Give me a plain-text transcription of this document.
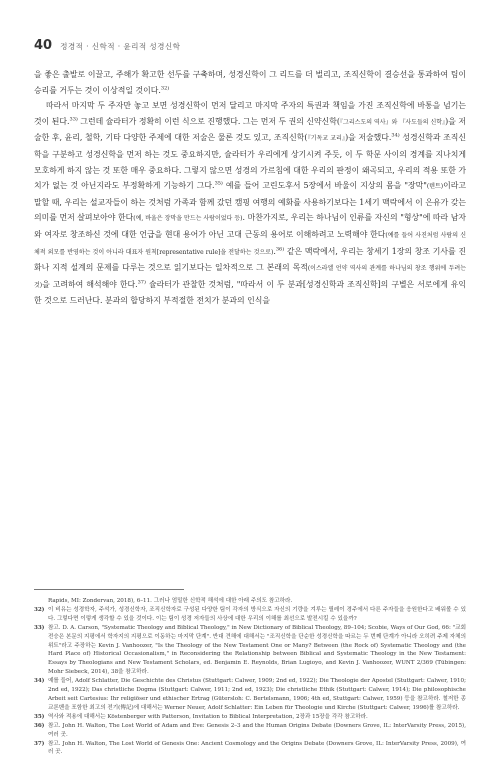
40 정경적 · 신학적 · 윤리적 성경신학

을 좋은 출발로 이끌고, 주해가 확고한 선두를 구축하며, 성경신학이 그 리드를 더 벌리고, 조직신학이 결승선을 통과하여 팀이 승리를 거두는 것이 이상적일 것이다.$^{32)}$

따라서 마지막 두 주자만 놓고 보면 성경신학이 먼저 달리고 마지막 주자의 특권과 책임을 가진 조직신학에 바통을 넘기는 것이 된다.$^{33)}$ 그런데 슐라터가 정확히 이런 식으로 진행했다. 그는 먼저 두 권의 신약신학(『그리스도의 역사』와 『사도들의 신학』)을 저술한 후, 윤리, 철학, 기타 다양한 주제에 대한 저술은 물론 것도 있고, 조직신학(『기독교 교리』)을 저술했다.$^{34)}$ 성경신학과 조직신학을 구분하고 성경신학을 먼저 하는 것도 중요하지만, 슐라터가 우리에게 상기시켜 주듯, 이 두 학문 사이의 경계를 지나치게 모호하게 하지 않는 것 또한 매우 중요하다. 그렇지 않으면 성경의 가르침에 대한 우리의 판정이 왜곡되고, 우리의 적용 또한 가치가 없는 것 아닌지라도 부정확하게 기능하기 그다.$^{35)}$ 예를 들어 고린도후서 5장에서 바울이 지상의 몸을 "장막"(텐트)이라고 말할 때, 우리는 설교자들이 하는 것처럼 가족과 함께 갔던 캠핑 여행의 예화를 사용하기보다는 1세기 맥락에서 이 은유가 갖는 의미를 먼저 살펴보아야 한다(예, 바울은 장막을 만드는 사람이었다 등). 마찬가지로, 우리는 하나님이 인류를 자신의 "형상"에 따라 남자와 여자로 창조하신 것에 대한 언급을 현대 용어가 아닌 고대 근동의 용어로 이해하려고 노력해야 한다(예를 들어 사진처럼 사람의 신체적 외모를 반영하는 것이 아니라 대표자 원칙[representative rule]을 전달하는 것으로).$^{36)}$ 같은 맥락에서, 우리는 창세기 1장의 창조 기사를 진화나 지적 설계의 문제를 다루는 것으로 읽기보다는 일차적으로 그 본래의 목적(이스라엘 언약 역사의 관계를 하나님의 창조 행위에 두려는 것)을 고려하여 해석해야 한다.$^{37)}$ 슐라터가 관찰한 것처럼, "따라서 이 두 분과[성경신학과 조직신학]의 구별은 서로에게 유익한 것으로 드러난다. 분과의 합당하지 부적절한 전치가 분과의 인식을

Rapids, MI: Zondervan, 2018), 6–11. 그러나 엄밀한 신학적 해석에 대한 아래 주의도 참고하라.
32) 이 비유는 성경학자, 주석가, 성경신학자, 조직신학자로 구성된 다양한 팀이 각자의 방식으로 자신의 기량을 겨루는 릴레이 경주에서 다른 주자들을 응원한다고 배워볼 수 있다. 그렇다면 이렇게 생각할 수 있을 것이다. 이는 팀이 성경 저자들의 사상에 대한 우리의 이해를 최선으로 발전시킬 수 있을까?
33) 참고. D. A. Carson, "Systematic Theology and Biblical Theology," in New Dictionary of Biblical Theology, 89–104; Scobie, Ways of Our God, 66: "교회 전승은 본문의 지평에서 학자지의 지평으로 이동하는 마지막 단계". 반대 견해에 대해서는 "조직신학을 단순한 성경신학을 따르는 두 번째 단계가 아니라 오히려 주제 자체의 위트"라고 주장하는 Kevin J. Vanhoozer, "Is the Theology of the New Testament One or Many? Between (the Rock of) Systematic Theology and (the Hard Place of) Historical Occasionalism," in Reconsidering the Relationship between Biblical and Systematic Theology in the New Testament: Essays by Theologians and New Testament Scholars, ed. Benjamin E. Reynolds, Brian Lugioyo, and Kevin J. Vanhoozer, WUNT 2/369 (Tübingen: Mohr Siebeck, 2014), 38을 참고하라.
34) 예를 들어, Adolf Schlatter, Die Geschichte des Christus (Stuttgart: Calwer, 1909; 2nd ed, 1922); Die Theologie der Apostel (Stuttgart: Calwer, 1910; 2nd ed, 1922); Das christliche Dogma (Stuttgart: Calwer, 1911; 2nd ed, 1923); Die christliche Ethik (Stuttgart: Calwer, 1914); Die philosophische Arbeit seit Cartesius: Ihr religiöser und ethischer Ertrag (Gütersloh: C. Bertelsmann, 1906; 4th ed, Stuttgart: Calwer, 1959) 등을 참고하라. 철저한 종교론벤을 포함한 최고의 전기(傳記)에 대해서는 Werner Neuer, Adolf Schlatter: Ein Leben für Theologie und Kirche (Stuttgart: Calwer, 1996)를 참고하라.
35) 역사와 적용에 대해서는 Köstenberger with Patterson, Invitation to Biblical Interpretation, 2장과 15장을 각각 참고하라.
36) 참고. John H. Walton, The Lost World of Adam and Eve: Genesis 2–3 and the Human Origins Debate (Downers Grove, IL: InterVarsity Press, 2015), 여러 곳.
37) 참고. John H. Walton, The Lost World of Genesis One: Ancient Cosmology and the Origins Debate (Downers Grove, IL: InterVarsity Press, 2009), 여러 곳.
